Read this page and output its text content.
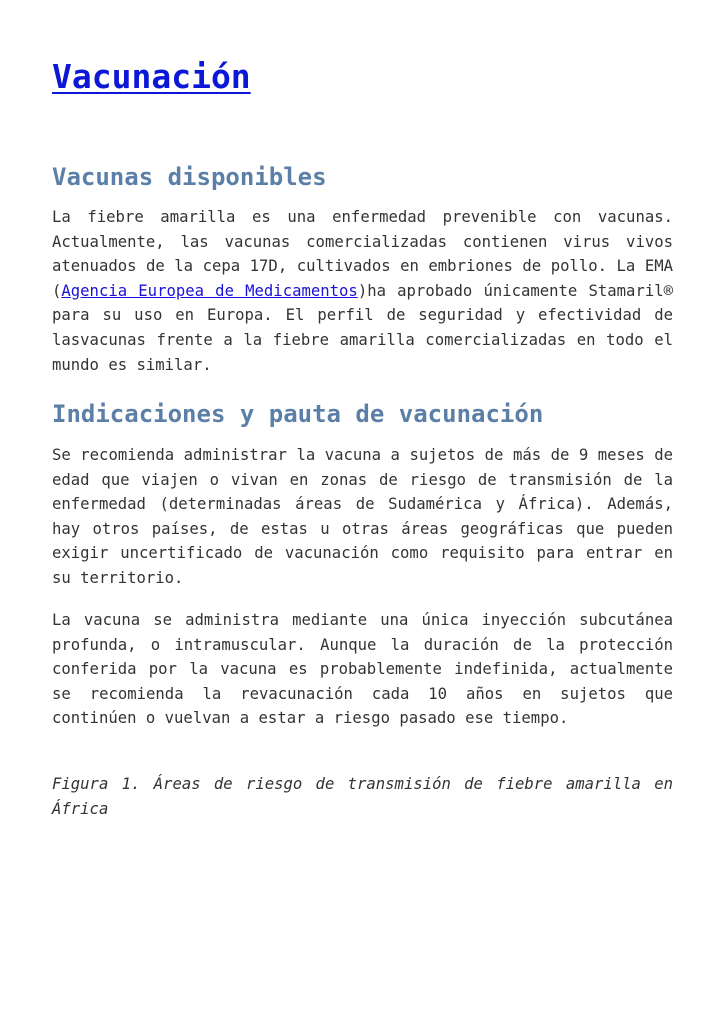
Vacunación
Vacunas disponibles

La fiebre amarilla es una enfermedad prevenible con vacunas. Actualmente, las vacunas comercializadas contienen virus vivos atenuados de la cepa 17D, cultivados en embriones de pollo. La EMA (Agencia Europea de Medicamentos)ha aprobado únicamente Stamaril® para su uso en Europa. El perfil de seguridad y efectividad de lasvacunas frente a la fiebre amarilla comercializadas en todo el mundo es similar.

Indicaciones y pauta de vacunación

Se recomienda administrar la vacuna a sujetos de más de 9 meses de edad que viajen o vivan en zonas de riesgo de transmisión de la enfermedad (determinadas áreas de Sudamérica y África). Además, hay otros países, de estas u otras áreas geográficas que pueden exigir uncertificado de vacunación como requisito para entrar en su territorio.

La vacuna se administra mediante una única inyección subcutánea profunda, o intramuscular. Aunque la duración de la protección conferida por la vacuna es probablemente indefinida, actualmente se recomienda la revacunación cada 10 años en sujetos que continúen o vuelvan a estar a riesgo pasado ese tiempo.

Figura 1. Áreas de riesgo de transmisión de fiebre amarilla en África
